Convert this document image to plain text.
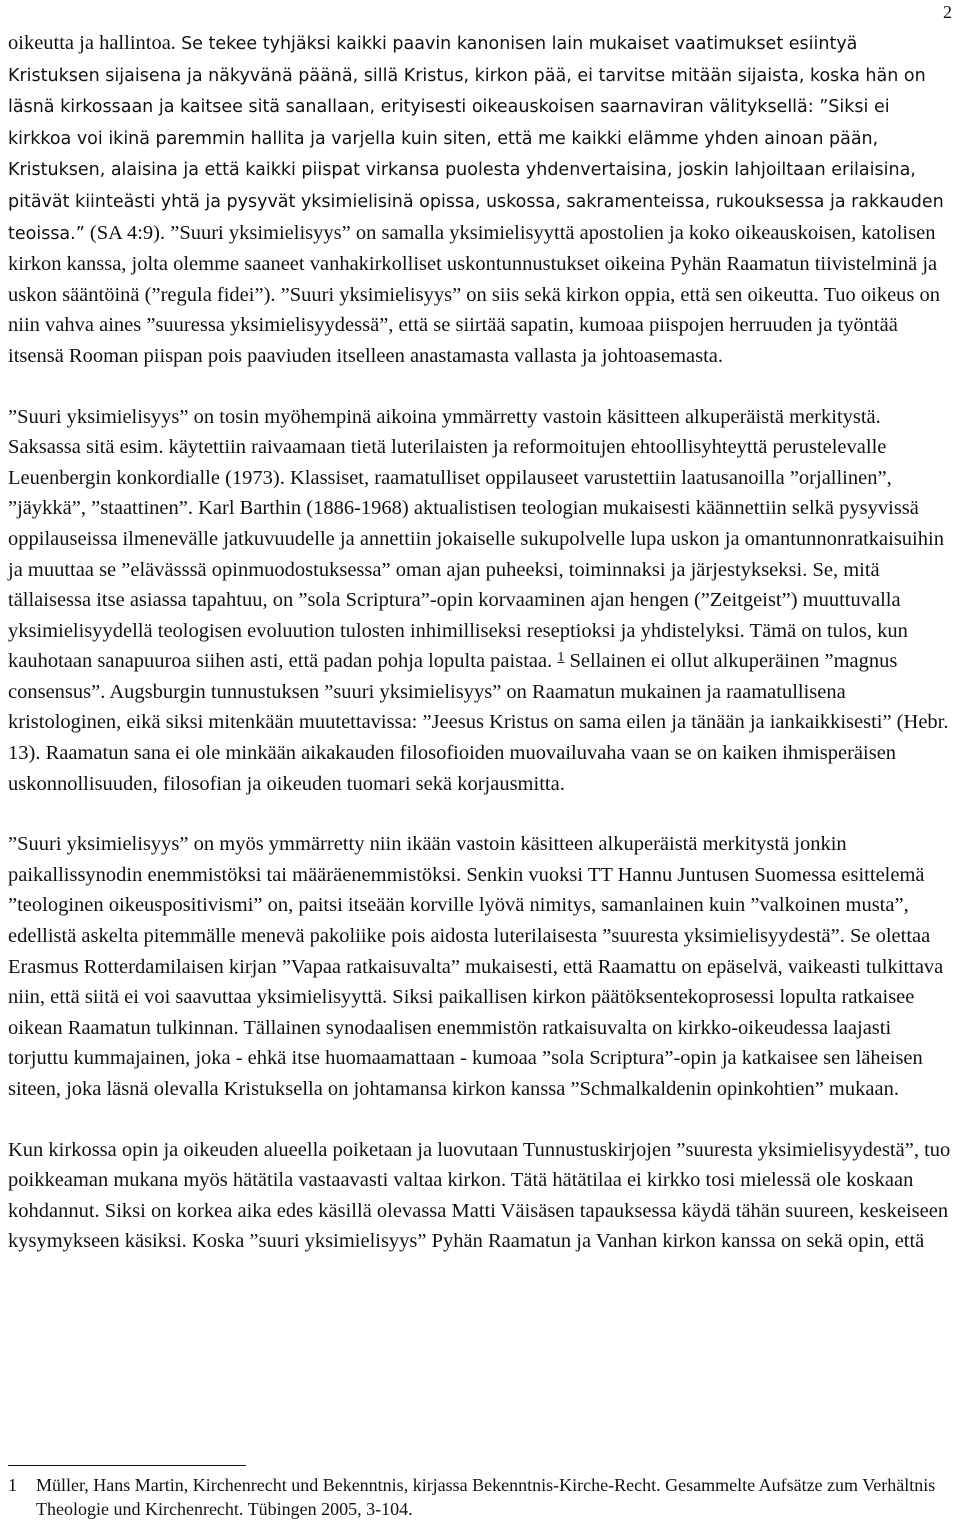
2

oikeutta ja hallintoa. Se tekee tyhjäksi kaikki paavin kanonisen lain mukaiset vaatimukset esiintyä Kristuksen sijaisena ja näkyvänä päänä, sillä Kristus, kirkon pää, ei tarvitse mitään sijaista, koska hän on läsnä kirkossaan ja kaitsee sitä sanallaan, erityisesti oikeauskoisen saarnaviran välityksellä: ”Siksi ei kirkkoa voi ikinä paremmin hallita ja varjella kuin siten, että me kaikki elämme yhden ainoan pään, Kristuksen, alaisina ja että kaikki piispat virkansa puolesta yhdenvertaisina, joskin lahjoiltaan erilaisina, pitävät kiinteästi yhtä ja pysyvät yksimielisinä opissa, uskossa, sakramenteissa, rukouksessa ja rakkauden teoissa.” (SA 4:9). ”Suuri yksimielisyys” on samalla yksimielisyyttä apostolien ja koko oikeauskoisen, katolisen kirkon kanssa, jolta olemme saaneet vanhakirkolliset uskontunnustukset oikeina Pyhän Raamatun tiivistelminä ja uskon sääntöinä (”regula fidei”). ”Suuri yksimielisyys” on siis sekä kirkon oppia, että sen oikeutta. Tuo oikeus on niin vahva aines ”suuressa yksimielisyydessä”, että se siirtää sapatin, kumoaa piispojen herruuden ja työntää itsensä Rooman piispan pois paaviuden itselleen anastamasta vallasta ja johtoasemasta.

”Suuri yksimielisyys” on tosin myöhempinä aikoina ymmärretty vastoin käsitteen alkuperäistä merkitystä. Saksassa sitä esim. käytettiin raivaamaan tietä luterilaisten ja reformoitujen ehtoollisyhteyttä perustelevalle Leuenbergin konkordialle (1973). Klassiset, raamatulliset oppilauseet varustettiin laatusanoilla ”orjallinen”, ”jäykkä”, ”staattinen”. Karl Barthin (1886-1968) aktualistisen teologian mukaisesti käännettiin selkä pysyvissä oppilauseissa ilmenevälle jatkuvuudelle ja annettiin jokaiselle sukupolvelle lupa uskon ja omantunnonratkaisuihin ja muuttaa se ”elävässsä opinmuodostuksessa” oman ajan puheeksi, toiminnaksi ja järjestykseksi. Se, mitä tällaisessa itse asiassa tapahtuu, on ”sola Scriptura”-opin korvaaminen ajan hengen (”Zeitgeist”) muuttuvalla yksimielisyydellä teologisen evoluution tulosten inhimilliseksi reseptioksi ja yhdistelyksi. Tämä on tulos, kun kauhotaan sanapuuroa siihen asti, että padan pohja lopulta paistaa. $^1$ Sellainen ei ollut alkuperäinen ”magnus consensus”. Augsburgin tunnustuksen ”suuri yksimielisyys” on Raamatun mukainen ja raamatullisena kristologinen, eikä siksi mitenkään muutettavissa: ”Jeesus Kristus on sama eilen ja tänään ja iankaikkisesti” (Hebr. 13). Raamatun sana ei ole minkään aikakauden filosofioiden muovailuvaha vaan se on kaiken ihmisperäisen uskonnollisuuden, filosofian ja oikeuden tuomari sekä korjausmitta.

”Suuri yksimielisyys” on myös ymmärretty niin ikään vastoin käsitteen alkuperäistä merkitystä jonkin paikallissynodin enemmistöksi tai määräenemmistöksi. Senkin vuoksi TT Hannu Juntusen Suomessa esittelemä ”teologinen oikeuspositivismi” on, paitsi itseään korville lyövä nimitys, samanlainen kuin ”valkoinen musta”, edellistä askelta pitemmälle menevä pakoliike pois aidosta luterilaisesta ”suuresta yksimielisyydestä”. Se olettaa Erasmus Rotterdamilaisen kirjan ”Vapaa ratkaisuvalta” mukaisesti, että Raamattu on epäselvä, vaikeasti tulkittava niin, että siitä ei voi saavuttaa yksimielisyyttä. Siksi paikallisen kirkon päätöksentekoprosessi lopulta ratkaisee oikean Raamatun tulkinnan. Tällainen synodaalisen enemmistön ratkaisuvalta on kirkko-oikeudessa laajasti torjuttu kummajainen, joka - ehkä itse huomaamattaan - kumoaa ”sola Scriptura”-opin ja katkaisee sen läheisen siteen, joka läsnä olevalla Kristuksella on johtamansa kirkon kanssa ”Schmalkaldenin opinkohtien” mukaan.

Kun kirkossa opin ja oikeuden alueella poiketaan ja luovutaan Tunnustuskirjojen ”suuresta yksimielisyydestä”, tuo poikkeaman mukana myös hätätila vastaavasti valtaa kirkon. Tätä hätätilaa ei kirkko tosi mielessä ole koskaan kohdannut. Siksi on korkea aika edes käsillä olevassa Matti Väisäsen tapauksessa käydä tähän suureen, keskeiseen kysymykseen käsiksi. Koska ”suuri yksimielisyys” Pyhän Raamatun ja Vanhan kirkon kanssa on sekä opin, että

1 Müller, Hans Martin, Kirchenrecht und Bekenntnis, kirjassa Bekenntnis-Kirche-Recht. Gesammelte Aufsätze zum Verhältnis Theologie und Kirchenrecht. Tübingen 2005, 3-104.
